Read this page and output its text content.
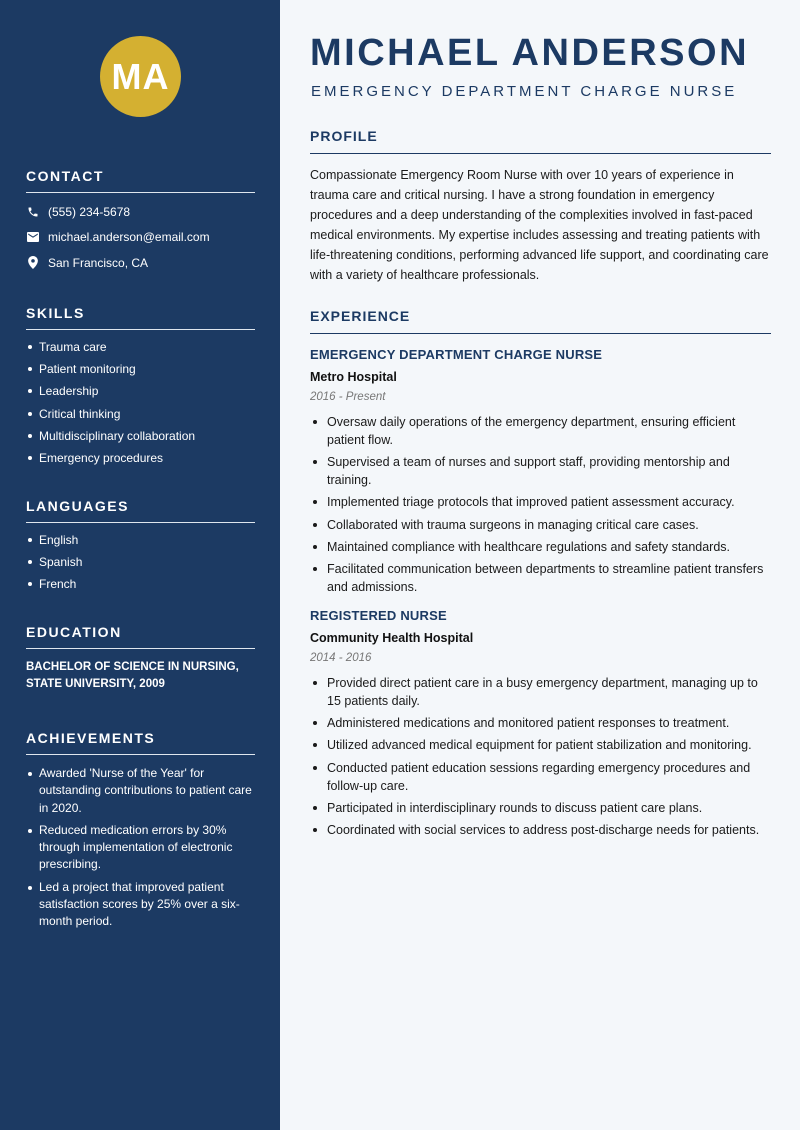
MA
CONTACT
(555) 234-5678
michael.anderson@email.com
San Francisco, CA
SKILLS
Trauma care
Patient monitoring
Leadership
Critical thinking
Multidisciplinary collaboration
Emergency procedures
LANGUAGES
English
Spanish
French
EDUCATION
BACHELOR OF SCIENCE IN NURSING, STATE UNIVERSITY, 2009
ACHIEVEMENTS
Awarded 'Nurse of the Year' for outstanding contributions to patient care in 2020.
Reduced medication errors by 30% through implementation of electronic prescribing.
Led a project that improved patient satisfaction scores by 25% over a six-month period.
MICHAEL ANDERSON
EMERGENCY DEPARTMENT CHARGE NURSE
PROFILE

Compassionate Emergency Room Nurse with over 10 years of experience in trauma care and critical nursing. I have a strong foundation in emergency procedures and a deep understanding of the complexities involved in fast-paced medical environments. My expertise includes assessing and treating patients with life-threatening conditions, performing advanced life support, and coordinating care with a variety of healthcare professionals.

EXPERIENCE
EMERGENCY DEPARTMENT CHARGE NURSE
Metro Hospital
2016 - Present
Oversaw daily operations of the emergency department, ensuring efficient patient flow.
Supervised a team of nurses and support staff, providing mentorship and training.
Implemented triage protocols that improved patient assessment accuracy.
Collaborated with trauma surgeons in managing critical care cases.
Maintained compliance with healthcare regulations and safety standards.
Facilitated communication between departments to streamline patient transfers and admissions.
REGISTERED NURSE
Community Health Hospital
2014 - 2016
Provided direct patient care in a busy emergency department, managing up to 15 patients daily.
Administered medications and monitored patient responses to treatment.
Utilized advanced medical equipment for patient stabilization and monitoring.
Conducted patient education sessions regarding emergency procedures and follow-up care.
Participated in interdisciplinary rounds to discuss patient care plans.
Coordinated with social services to address post-discharge needs for patients.
